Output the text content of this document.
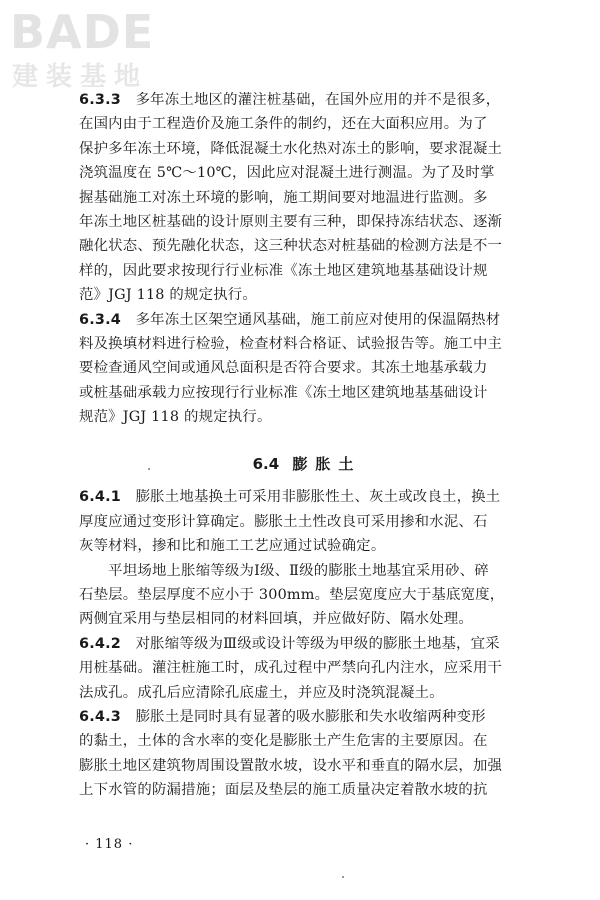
BADE
建装基地
6.3.3　 多年冻土地区的灌注桩基础，在国外应用的并不是很多，
在国内由于工程造价及施工条件的制约，还在大面积应用。为了
保护多年冻土环境，降低混凝土水化热对冻土的影响，要求混凝土
浇筑温度在 5℃～10℃，因此应对混凝土进行测温。为了及时掌
握基础施工对冻土环境的影响，施工期间要对地温进行监测。多
年冻土地区桩基础的设计原则主要有三种，即保持冻结状态、逐渐
融化状态、预先融化状态，这三种状态对桩基础的检测方法是不一
样的，因此要求按现行行业标准《冻土地区建筑地基基础设计规
范》JGJ 118 的规定执行。
6.3.4　 多年冻土区架空通风基础，施工前应对使用的保温隔热材
料及换填材料进行检验，检查材料合格证、试验报告等。施工中主
要检查通风空间或通风总面积是否符合要求。其冻土地基承载力
或桩基础承载力应按现行行业标准《冻土地区建筑地基基础设计
规范》JGJ 118 的规定执行。
6.4 膨 胀 土
6.4.1　 膨胀土地基换土可采用非膨胀性土、灰土或改良土，换土
厚度应通过变形计算确定。膨胀土土性改良可采用掺和水泥、石
灰等材料，掺和比和施工工艺应通过试验确定。
　　平坦场地上胀缩等级为Ⅰ级、Ⅱ级的膨胀土地基宜采用砂、碎
石垫层。垫层厚度不应小于 300mm。垫层宽度应大于基底宽度，
两侧宜采用与垫层相同的材料回填，并应做好防、隔水处理。
6.4.2　 对胀缩等级为Ⅲ级或设计等级为甲级的膨胀土地基，宜采
用桩基础。灌注桩施工时，成孔过程中严禁向孔内注水，应采用干
法成孔。成孔后应清除孔底虚土，并应及时浇筑混凝土。
6.4.3　 膨胀土是同时具有显著的吸水膨胀和失水收缩两种变形
的黏土，土体的含水率的变化是膨胀土产生危害的主要原因。在
膨胀土地区建筑物周围设置散水坡，设水平和垂直的隔水层，加强
上下水管的防漏措施；面层及垫层的施工质量决定着散水坡的抗
· 118 ·
